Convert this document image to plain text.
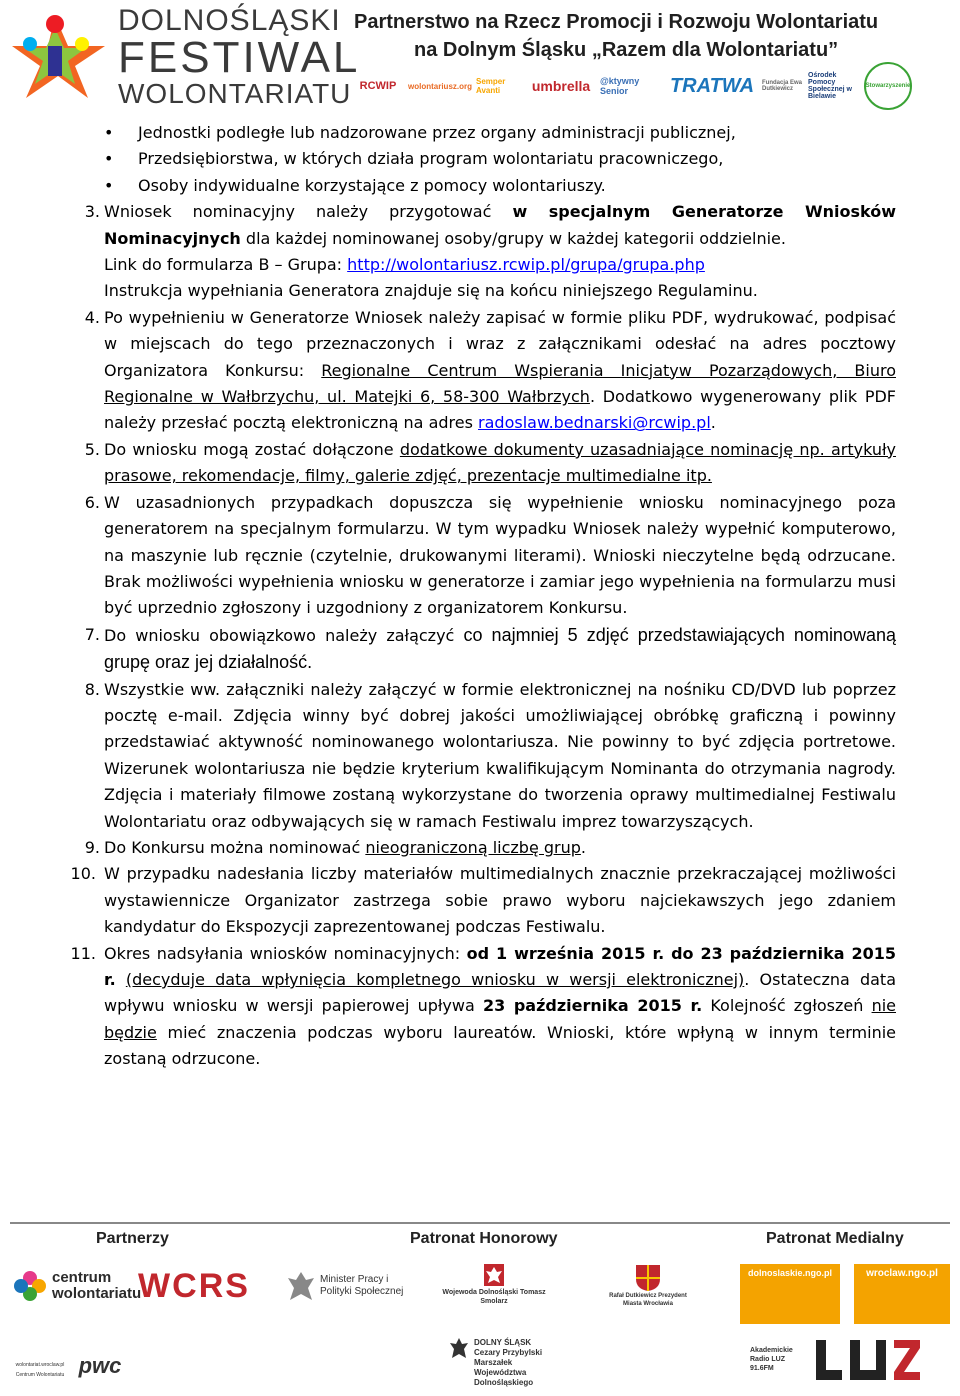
DOLNOŚLĄSKI
FESTIWAL
WOLONTARIATU
Partnerstwo na Rzecz Promocji i Rozwoju Wolontariatu
na Dolnym Śląsku „Razem dla Wolontariatu”
RCWIP	wolontariusz.org Semper Avanti	umbrella	@ktywny Senior	TRATWA	Fundacja Ewa Dutkiewicz
Ośrodek Pomocy Społecznej w Bielawie
Stowarzyszenie
• Jednostki podległe lub nadzorowane przez organy administracji publicznej,
• Przedsiębiorstwa, w których działa program wolontariatu pracowniczego,
• Osoby indywidualne korzystające z pomocy wolontariuszy.
3. Wniosek nominacyjny należy przygotować w specjalnym Generatorze Wniosków Nominacyjnych dla każdej nominowanej osoby/grupy w każdej kategorii oddzielnie.

Link do formularza B – Grupa: http://wolontariusz.rcwip.pl/grupa/grupa.php

Instrukcja wypełniania Generatora znajduje się na końcu niniejszego Regulaminu.

4. Po wypełnieniu w Generatorze Wniosek należy zapisać w formie pliku PDF, wydrukować, podpisać w miejscach do tego przeznaczonych i wraz z załącznikami odesłać na adres pocztowy Organizatora Konkursu: Regionalne Centrum Wspierania Inicjatyw Pozarządowych, Biuro Regionalne w Wałbrzychu, ul. Matejki 6, 58-300 Wałbrzych. Dodatkowo wygenerowany plik PDF należy przesłać pocztą elektroniczną na adres radoslaw.bednarski@rcwip.pl.

5. Do wniosku mogą zostać dołączone dodatkowe dokumenty uzasadniające nominację np. artykuły prasowe, rekomendacje, filmy, galerie zdjęć, prezentacje multimedialne itp.

6. W uzasadnionych przypadkach dopuszcza się wypełnienie wniosku nominacyjnego poza generatorem na specjalnym formularzu. W tym wypadku Wniosek należy wypełnić komputerowo, na maszynie lub ręcznie (czytelnie, drukowanymi literami). Wnioski nieczytelne będą odrzucane. Brak możliwości wypełnienia wniosku w generatorze i zamiar jego wypełnienia na formularzu musi być uprzednio zgłoszony i uzgodniony z organizatorem Konkursu.

7. Do wniosku obowiązkowo należy załączyć co najmniej 5 zdjęć przedstawiających nominowaną grupę oraz jej działalność.

8. Wszystkie ww. załączniki należy załączyć w formie elektronicznej na nośniku CD/DVD lub poprzez pocztę e-mail. Zdjęcia winny być dobrej jakości umożliwiającej obróbkę graficzną i powinny przedstawiać aktywność nominowanego wolontariusza. Nie powinny to być zdjęcia portretowe. Wizerunek wolontariusza nie będzie kryterium kwalifikującym Nominanta do otrzymania nagrody. Zdjęcia i materiały filmowe zostaną wykorzystane do tworzenia oprawy multimedialnej Festiwalu Wolontariatu oraz odbywających się w ramach Festiwalu imprez towarzyszących.

9. Do Konkursu można nominować nieograniczoną liczbę grup.

10. W przypadku nadesłania liczby materiałów multimedialnych znacznie przekraczającej możliwości wystawiennicze Organizator zastrzega sobie prawo wyboru najciekawszych jego zdaniem kandydatur do Ekspozycji zaprezentowanej podczas Festiwalu.

11. Okres nadsyłania wniosków nominacyjnych: od 1 września 2015 r. do 23 października 2015 r. (decyduje data wpłynięcia kompletnego wniosku w wersji elektronicznej). Ostateczna data wpływu wniosku w wersji papierowej upływa 23 października 2015 r. Kolejność zgłoszeń nie będzie mieć znaczenia podczas wyboru laureatów. Wnioski, które wpłyną w innym terminie zostaną odrzucone.

Partnerzy	Patronat Honorowy	Patronat Medialny
centrum wolontariatu
WCRS
pwc
wolontariat.wroclaw.pl
Centrum Wolontariatu
Minister Pracy i Polityki Społecznej	Wojewoda Dolnośląski Tomasz Smolarz
Rafał Dutkiewicz Prezydent Miasta Wrocławia
DOLNY ŚLĄSK Cezary Przybylski Marszałek Województwa Dolnośląskiego
dolnoslaskie.ngo.pl	wroclaw.ngo.pl
Akademickie Radio LUZ 91.6FM
